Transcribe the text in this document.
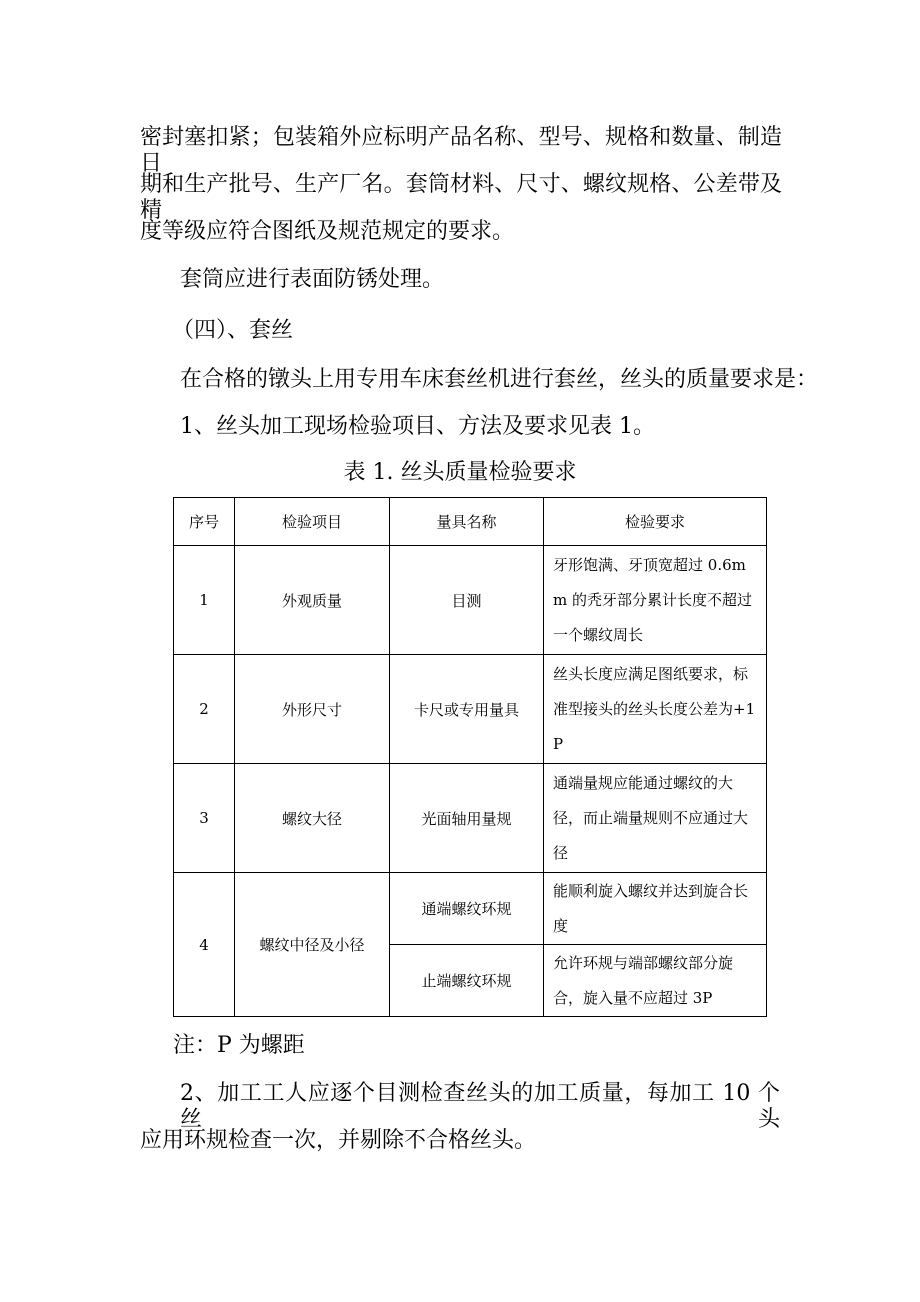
密封塞扣紧；包装箱外应标明产品名称、型号、规格和数量、制造日

期和生产批号、生产厂名。套筒材料、尺寸、螺纹规格、公差带及精

度等级应符合图纸及规范规定的要求。

套筒应进行表面防锈处理。

（四）、套丝

在合格的镦头上用专用车床套丝机进行套丝，丝头的质量要求是：

1、丝头加工现场检验项目、方法及要求见表 1。

表 1. 丝头质量检验要求

序号	检验项目	量具名称	检验要求
1	外观质量	目测	牙形饱满、牙顶宽超过 0.6mm 的秃牙部分累计长度不超过一个螺纹周长
2	外形尺寸	卡尺或专用量具	丝头长度应满足图纸要求，标准型接头的丝头长度公差为+1P
3	螺纹大径	光面轴用量规	通端量规应能通过螺纹的大径，而止端量规则不应通过大径
4	螺纹中径及小径	通端螺纹环规	能顺利旋入螺纹并达到旋合长度
		止端螺纹环规	允许环规与端部螺纹部分旋合，旋入量不应超过 3P

注：P 为螺距

2、加工工人应逐个目测检查丝头的加工质量，每加工 10 个丝头

应用环规检查一次，并剔除不合格丝头。
